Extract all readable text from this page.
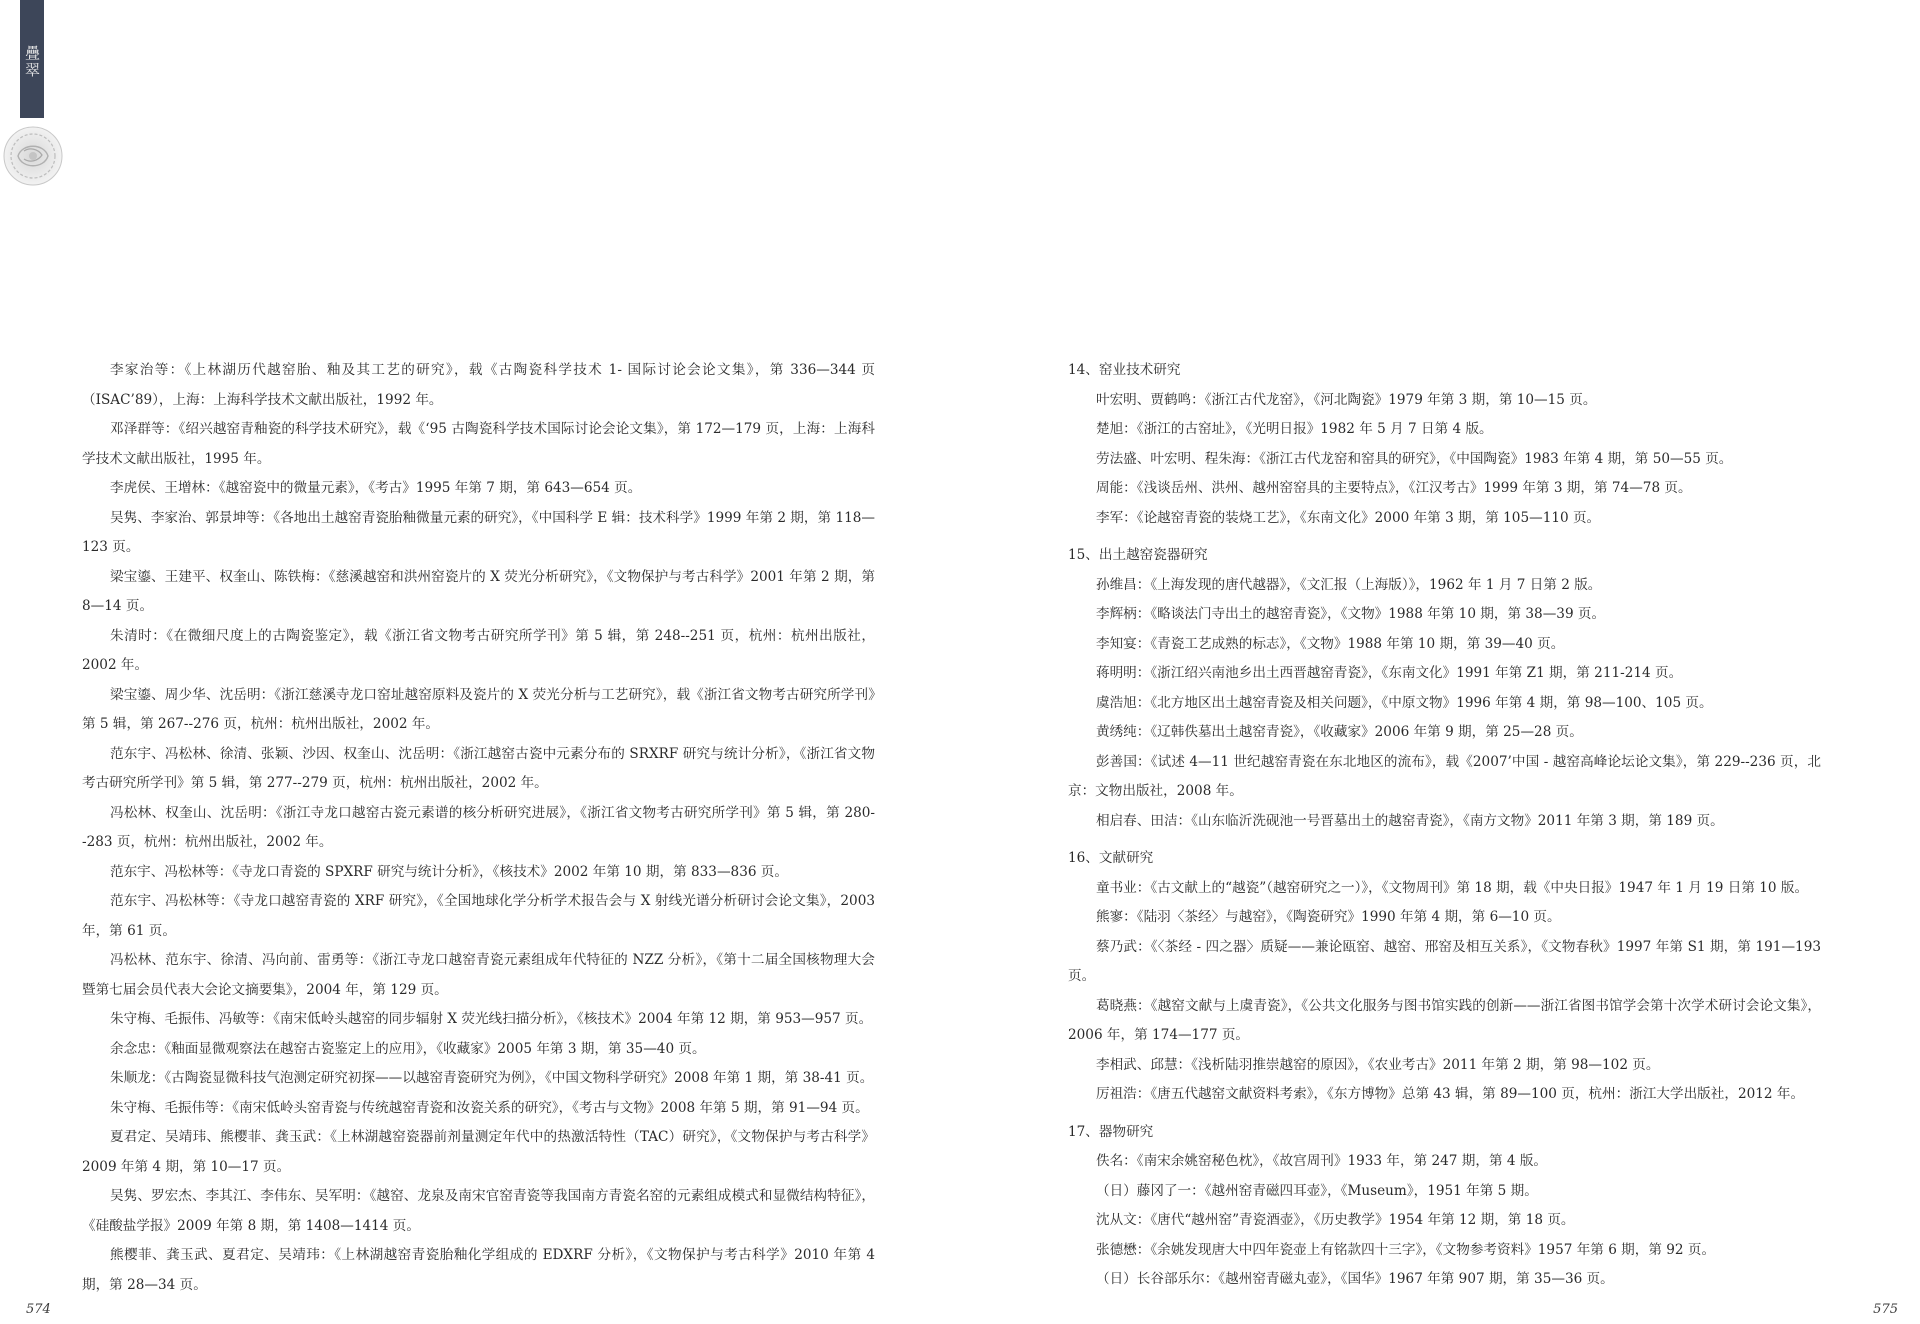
疊翠

李家治等：《上林湖历代越窑胎、釉及其工艺的研究》，载《古陶瓷科学技术 1- 国际讨论会论文集》，第 336—344 页（ISAC’89），上海：上海科学技术文献出版社，1992 年。

邓泽群等：《绍兴越窑青釉瓷的科学技术研究》，载《‘95 古陶瓷科学技术国际讨论会论文集》，第 172—179 页，上海：上海科学技术文献出版社，1995 年。

李虎侯、王增林：《越窑瓷中的微量元素》，《考古》1995 年第 7 期，第 643—654 页。

吴隽、李家治、郭景坤等：《各地出土越窑青瓷胎釉微量元素的研究》，《中国科学 E 辑：技术科学》1999 年第 2 期，第 118—123 页。

梁宝鎏、王建平、权奎山、陈铁梅：《慈溪越窑和洪州窑瓷片的 X 荧光分析研究》，《文物保护与考古科学》2001 年第 2 期，第 8—14 页。

朱清时：《在微细尺度上的古陶瓷鉴定》，载《浙江省文物考古研究所学刊》第 5 辑，第 248--251 页，杭州：杭州出版社，2002 年。

梁宝鎏、周少华、沈岳明：《浙江慈溪寺龙口窑址越窑原料及瓷片的 X 荧光分析与工艺研究》，载《浙江省文物考古研究所学刊》第 5 辑，第 267--276 页，杭州：杭州出版社，2002 年。

范东宇、冯松林、徐清、张颖、沙因、权奎山、沈岳明：《浙江越窑古瓷中元素分布的 SRXRF 研究与统计分析》，《浙江省文物考古研究所学刊》第 5 辑，第 277--279 页，杭州：杭州出版社，2002 年。

冯松林、权奎山、沈岳明：《浙江寺龙口越窑古瓷元素谱的核分析研究进展》，《浙江省文物考古研究所学刊》第 5 辑，第 280--283 页，杭州：杭州出版社，2002 年。

范东宇、冯松林等：《寺龙口青瓷的 SPXRF 研究与统计分析》，《核技术》2002 年第 10 期，第 833—836 页。

范东宇、冯松林等：《寺龙口越窑青瓷的 XRF 研究》，《全国地球化学分析学术报告会与 X 射线光谱分析研讨会论文集》，2003 年，第 61 页。

冯松林、范东宇、徐清、冯向前、雷勇等：《浙江寺龙口越窑青瓷元素组成年代特征的 NZZ 分析》，《第十二届全国核物理大会暨第七届会员代表大会论文摘要集》，2004 年，第 129 页。

朱守梅、毛振伟、冯敏等：《南宋低岭头越窑的同步辐射 X 荧光线扫描分析》，《核技术》2004 年第 12 期，第 953—957 页。

余念忠：《釉面显微观察法在越窑古瓷鉴定上的应用》，《收藏家》2005 年第 3 期，第 35—40 页。

朱顺龙：《古陶瓷显微科技气泡测定研究初探——以越窑青瓷研究为例》，《中国文物科学研究》2008 年第 1 期，第 38-41 页。

朱守梅、毛振伟等：《南宋低岭头窑青瓷与传统越窑青瓷和汝瓷关系的研究》，《考古与文物》2008 年第 5 期，第 91—94 页。

夏君定、吴靖玮、熊樱菲、龚玉武：《上林湖越窑瓷器前剂量测定年代中的热激活特性（TAC）研究》，《文物保护与考古科学》2009 年第 4 期，第 10—17 页。

吴隽、罗宏杰、李其江、李伟东、吴军明：《越窑、龙泉及南宋官窑青瓷等我国南方青瓷名窑的元素组成模式和显微结构特征》，《硅酸盐学报》2009 年第 8 期，第 1408—1414 页。

熊樱菲、龚玉武、夏君定、吴靖玮：《上林湖越窑青瓷胎釉化学组成的 EDXRF 分析》，《文物保护与考古科学》2010 年第 4 期，第 28—34 页。

574

14、窑业技术研究

叶宏明、贾鹤鸣：《浙江古代龙窑》，《河北陶瓷》1979 年第 3 期，第 10—15 页。

楚旭：《浙江的古窑址》，《光明日报》1982 年 5 月 7 日第 4 版。

劳法盛、叶宏明、程朱海：《浙江古代龙窑和窑具的研究》，《中国陶瓷》1983 年第 4 期，第 50—55 页。

周能：《浅谈岳州、洪州、越州窑窑具的主要特点》，《江汉考古》1999 年第 3 期，第 74—78 页。

李军：《论越窑青瓷的装烧工艺》，《东南文化》2000 年第 3 期，第 105—110 页。

15、出土越窑瓷器研究

孙维昌：《上海发现的唐代越器》，《文汇报（上海版）》，1962 年 1 月 7 日第 2 版。

李辉柄：《略谈法门寺出土的越窑青瓷》，《文物》1988 年第 10 期，第 38—39 页。

李知宴：《青瓷工艺成熟的标志》，《文物》1988 年第 10 期，第 39—40 页。

蒋明明：《浙江绍兴南池乡出土西晋越窑青瓷》，《东南文化》1991 年第 Z1 期，第 211-214 页。

虞浩旭：《北方地区出土越窑青瓷及相关问题》，《中原文物》1996 年第 4 期，第 98—100、105 页。

黄绣纯：《辽韩佚墓出土越窑青瓷》，《收藏家》2006 年第 9 期，第 25—28 页。

彭善国：《试述 4—11 世纪越窑青瓷在东北地区的流布》，载《2007’中国 - 越窑高峰论坛论文集》，第 229--236 页，北京：文物出版社，2008 年。

相启春、田洁：《山东临沂洗砚池一号晋墓出土的越窑青瓷》，《南方文物》2011 年第 3 期，第 189 页。

16、文献研究

童书业：《古文献上的“越瓷”（越窑研究之一）》，《文物周刊》第 18 期，载《中央日报》1947 年 1 月 19 日第 10 版。

熊寥：《陆羽〈茶经〉与越窑》，《陶瓷研究》1990 年第 4 期，第 6—10 页。

蔡乃武：《〈茶经 - 四之器〉质疑——兼论瓯窑、越窑、邢窑及相互关系》，《文物春秋》1997 年第 S1 期，第 191—193 页。

葛晓燕：《越窑文献与上虞青瓷》，《公共文化服务与图书馆实践的创新——浙江省图书馆学会第十次学术研讨会论文集》，2006 年，第 174—177 页。

李相武、邱慧：《浅析陆羽推崇越窑的原因》，《农业考古》2011 年第 2 期，第 98—102 页。

厉祖浩：《唐五代越窑文献资料考索》，《东方博物》总第 43 辑，第 89—100 页，杭州：浙江大学出版社，2012 年。

17、器物研究

佚名：《南宋余姚窑秘色枕》，《故宫周刊》1933 年，第 247 期，第 4 版。

（日）藤冈了一：《越州窑青磁四耳壶》，《Museum》，1951 年第 5 期。

沈从文：《唐代“越州窑”青瓷酒壶》，《历史教学》1954 年第 12 期，第 18 页。

张德懋：《余姚发现唐大中四年瓷壶上有铭款四十三字》，《文物参考资料》1957 年第 6 期，第 92 页。

（日）长谷部乐尔：《越州窑青磁丸壶》，《国华》1967 年第 907 期，第 35—36 页。

575
